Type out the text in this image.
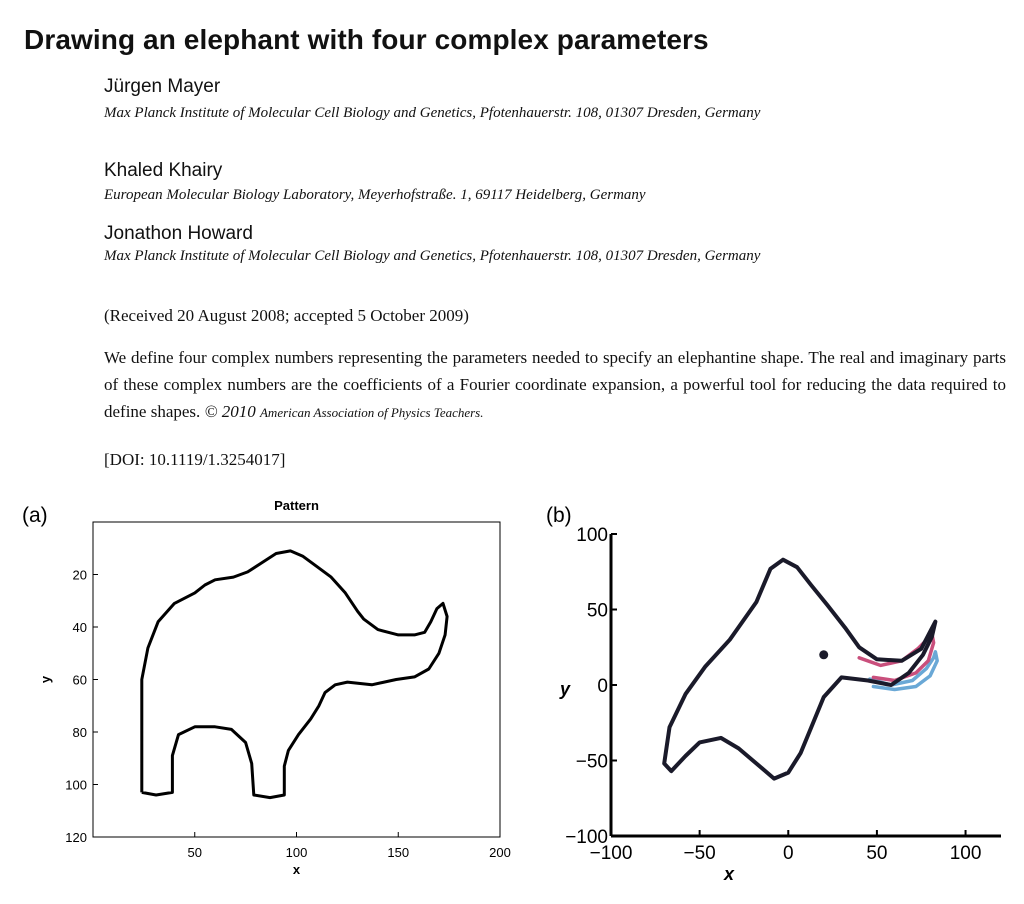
Drawing an elephant with four complex parameters
Jürgen Mayer
Max Planck Institute of Molecular Cell Biology and Genetics, Pfotenhauerstr. 108, 01307 Dresden, Germany
Khaled Khairy
European Molecular Biology Laboratory, Meyerhofstraße. 1, 69117 Heidelberg, Germany
Jonathon Howard
Max Planck Institute of Molecular Cell Biology and Genetics, Pfotenhauerstr. 108, 01307 Dresden, Germany
(Received 20 August 2008; accepted 5 October 2009)
We define four complex numbers representing the parameters needed to specify an elephantine shape. The real and imaginary parts of these complex numbers are the coefficients of a Fourier coordinate expansion, a powerful tool for reducing the data required to define shapes. © 2010 American Association of Physics Teachers.
[DOI: 10.1119/1.3254017]
(a)	Pattern
50	100	150	200
20
40
60
80
100
120
x
y
(b)
−100	−50	0	50	100
−100
−50
0
50
100
x
y
